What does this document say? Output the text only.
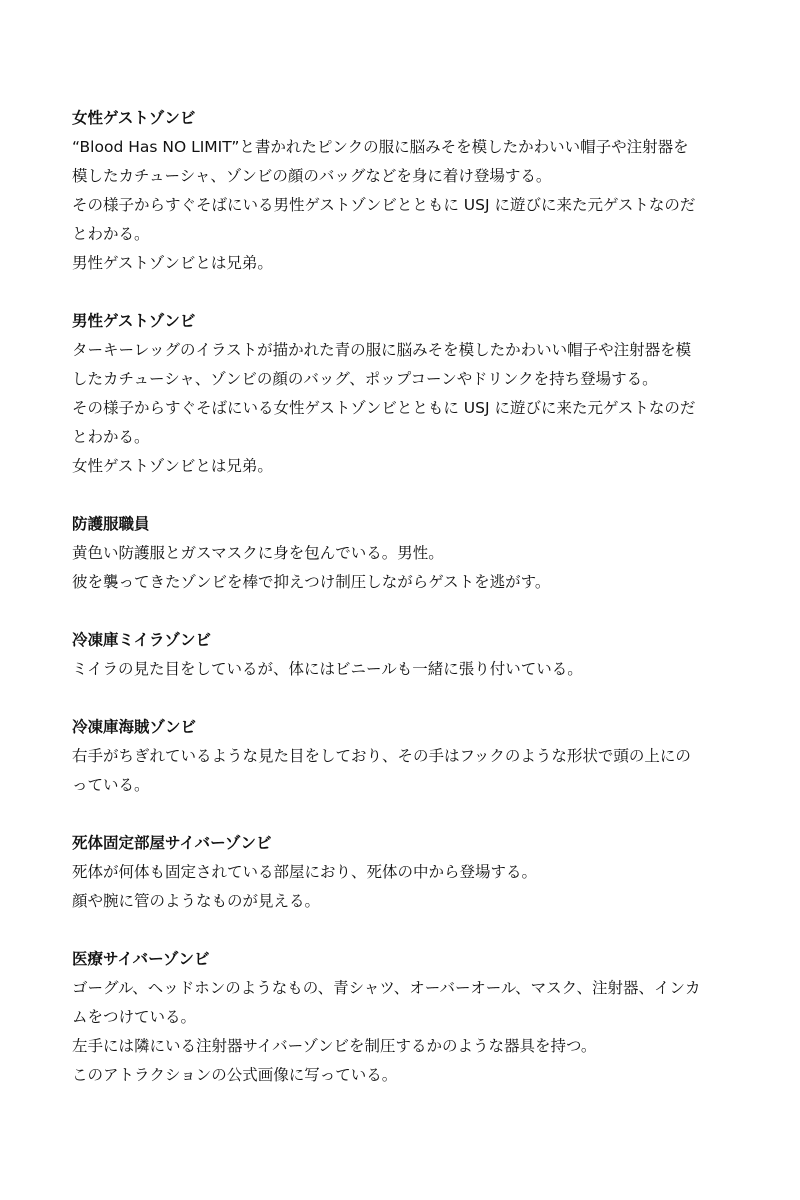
女性ゲストゾンビ

“Blood Has NO LIMIT”と書かれたピンクの服に脳みそを模したかわいい帽子や注射器を

模したカチューシャ、ゾンビの顔のバッグなどを身に着け登場する。

その様子からすぐそばにいる男性ゲストゾンビとともに USJ に遊びに来た元ゲストなのだ

とわかる。

男性ゲストゾンビとは兄弟。

男性ゲストゾンビ

ターキーレッグのイラストが描かれた青の服に脳みそを模したかわいい帽子や注射器を模

したカチューシャ、ゾンビの顔のバッグ、ポップコーンやドリンクを持ち登場する。

その様子からすぐそばにいる女性ゲストゾンビとともに USJ に遊びに来た元ゲストなのだ

とわかる。

女性ゲストゾンビとは兄弟。

防護服職員

黄色い防護服とガスマスクに身を包んでいる。男性。

彼を襲ってきたゾンビを棒で抑えつけ制圧しながらゲストを逃がす。

冷凍庫ミイラゾンビ

ミイラの見た目をしているが、体にはビニールも一緒に張り付いている。

冷凍庫海賊ゾンビ

右手がちぎれているような見た目をしており、その手はフックのような形状で頭の上にの

っている。

死体固定部屋サイバーゾンビ

死体が何体も固定されている部屋におり、死体の中から登場する。

顔や腕に管のようなものが見える。

医療サイバーゾンビ

ゴーグル、ヘッドホンのようなもの、青シャツ、オーバーオール、マスク、注射器、インカ

ムをつけている。

左手には隣にいる注射器サイバーゾンビを制圧するかのような器具を持つ。

このアトラクションの公式画像に写っている。
